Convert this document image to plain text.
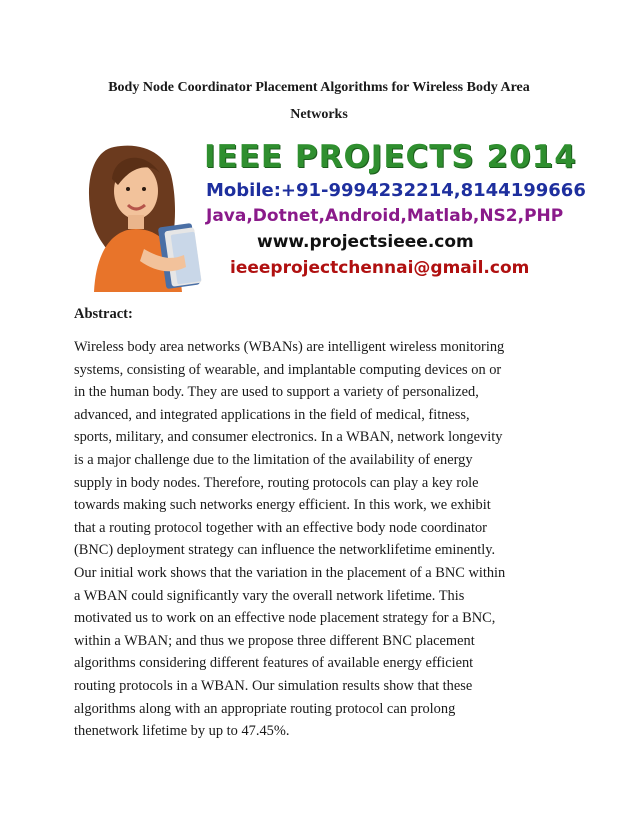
Body Node Coordinator Placement Algorithms for Wireless Body Area
Networks
IEEE PROJECTS 2014
Mobile:+91-9994232214,8144199666
Java,Dotnet,Android,Matlab,NS2,PHP
www.projectsieee.com
ieeeprojectchennai@gmail.com
Abstract:
Wireless body area networks (WBANs) are intelligent wireless monitoring
systems, consisting of wearable, and implantable computing devices on or
in the human body. They are used to support a variety of personalized,
advanced, and integrated applications in the field of medical, fitness,
sports, military, and consumer electronics. In a WBAN, network longevity
is a major challenge due to the limitation of the availability of energy
supply in body nodes. Therefore, routing protocols can play a key role
towards making such networks energy efficient. In this work, we exhibit
that a routing protocol together with an effective body node coordinator
(BNC) deployment strategy can influence the networklifetime eminently.
Our initial work shows that the variation in the placement of a BNC within
a WBAN could significantly vary the overall network lifetime. This
motivated us to work on an effective node placement strategy for a BNC,
within a WBAN; and thus we propose three different BNC placement
algorithms considering different features of available energy efficient
routing protocols in a WBAN. Our simulation results show that these
algorithms along with an appropriate routing protocol can prolong
thenetwork lifetime by up to 47.45%.
